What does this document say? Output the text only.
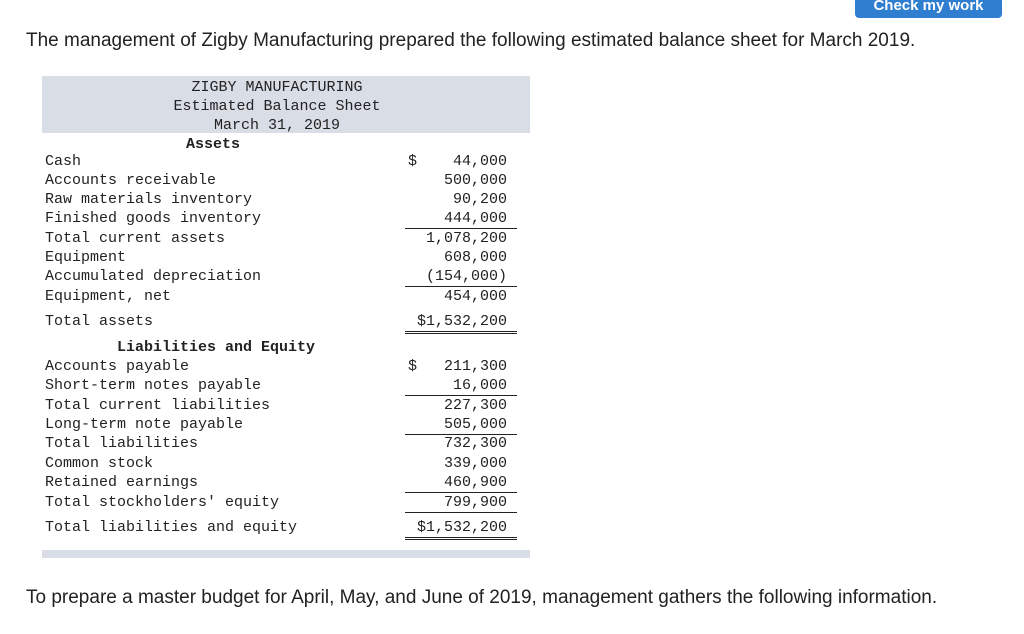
Check my work

The management of Zigby Manufacturing prepared the following estimated balance sheet for March 2019.

ZIGBY MANUFACTURING
Estimated Balance Sheet
March 31, 2019
Assets
Cash	$ 44,000
Accounts receivable	500,000
Raw materials inventory	90,200
Finished goods inventory	444,000
Total current assets	1,078,200
Equipment	608,000
Accumulated depreciation	(154,000)
Equipment, net	454,000
Total assets	$1,532,200
Liabilities and Equity
Accounts payable	$ 211,300
Short-term notes payable	16,000
Total current liabilities	227,300
Long-term note payable	505,000
Total liabilities	732,300
Common stock	339,000
Retained earnings	460,900
Total stockholders' equity	799,900
Total liabilities and equity	$1,532,200

To prepare a master budget for April, May, and June of 2019, management gathers the following information.
